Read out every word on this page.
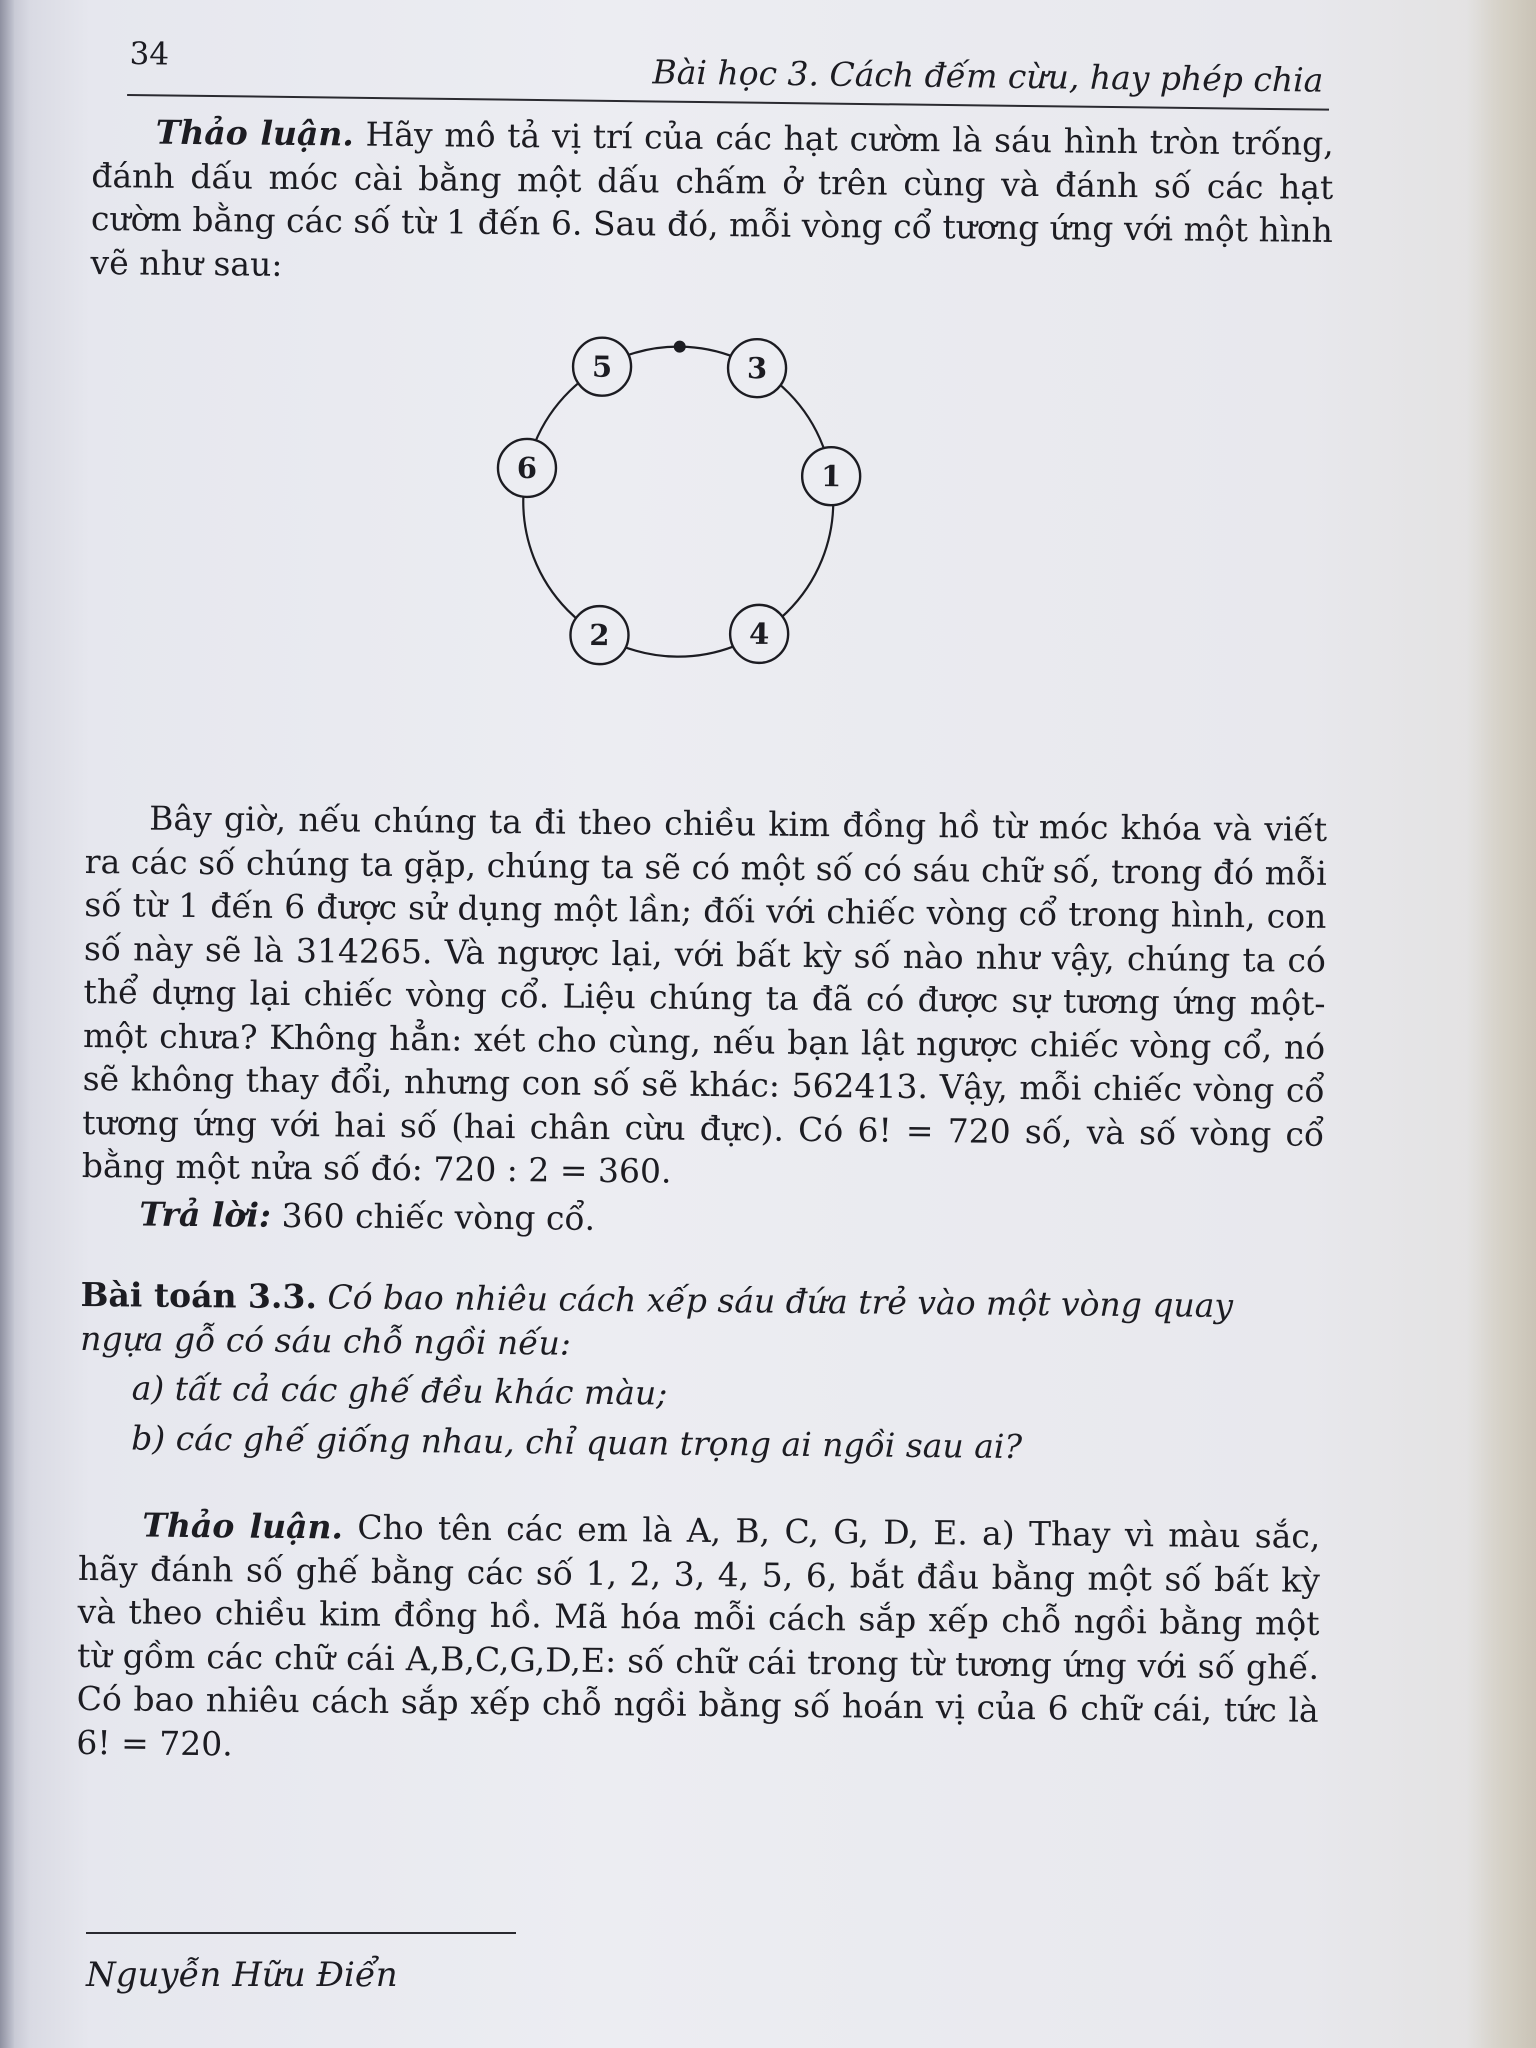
34	Bài học 3. Cách đếm cừu, hay phép chia

Thảo luận. Hãy mô tả vị trí của các hạt cườm là sáu hình tròn trống, đánh dấu móc cài bằng một dấu chấm ở trên cùng và đánh số các hạt cườm bằng các số từ 1 đến 6. Sau đó, mỗi vòng cổ tương ứng với một hình vẽ như sau:

5	3
1
4
2
6

Bây giờ, nếu chúng ta đi theo chiều kim đồng hồ từ móc khóa và viết ra các số chúng ta gặp, chúng ta sẽ có một số có sáu chữ số, trong đó mỗi số từ 1 đến 6 được sử dụng một lần; đối với chiếc vòng cổ trong hình, con số này sẽ là 314265. Và ngược lại, với bất kỳ số nào như vậy, chúng ta có thể dựng lại chiếc vòng cổ. Liệu chúng ta đã có được sự tương ứng một-một chưa? Không hẳn: xét cho cùng, nếu bạn lật ngược chiếc vòng cổ, nó sẽ không thay đổi, nhưng con số sẽ khác: 562413. Vậy, mỗi chiếc vòng cổ tương ứng với hai số (hai chân cừu đực). Có 6! = 720 số, và số vòng cổ bằng một nửa số đó: 720 : 2 = 360.

Trả lời: 360 chiếc vòng cổ.

Bài toán 3.3. Có bao nhiêu cách xếp sáu đứa trẻ vào một vòng quay ngựa gỗ có sáu chỗ ngồi nếu:

a) tất cả các ghế đều khác màu;

b) các ghế giống nhau, chỉ quan trọng ai ngồi sau ai?

Thảo luận. Cho tên các em là A, B, C, G, D, E. a) Thay vì màu sắc, hãy đánh số ghế bằng các số 1, 2, 3, 4, 5, 6, bắt đầu bằng một số bất kỳ và theo chiều kim đồng hồ. Mã hóa mỗi cách sắp xếp chỗ ngồi bằng một từ gồm các chữ cái A,B,C,G,D,E: số chữ cái trong từ tương ứng với số ghế. Có bao nhiêu cách sắp xếp chỗ ngồi bằng số hoán vị của 6 chữ cái, tức là 6! = 720.

Nguyễn Hữu Điển
